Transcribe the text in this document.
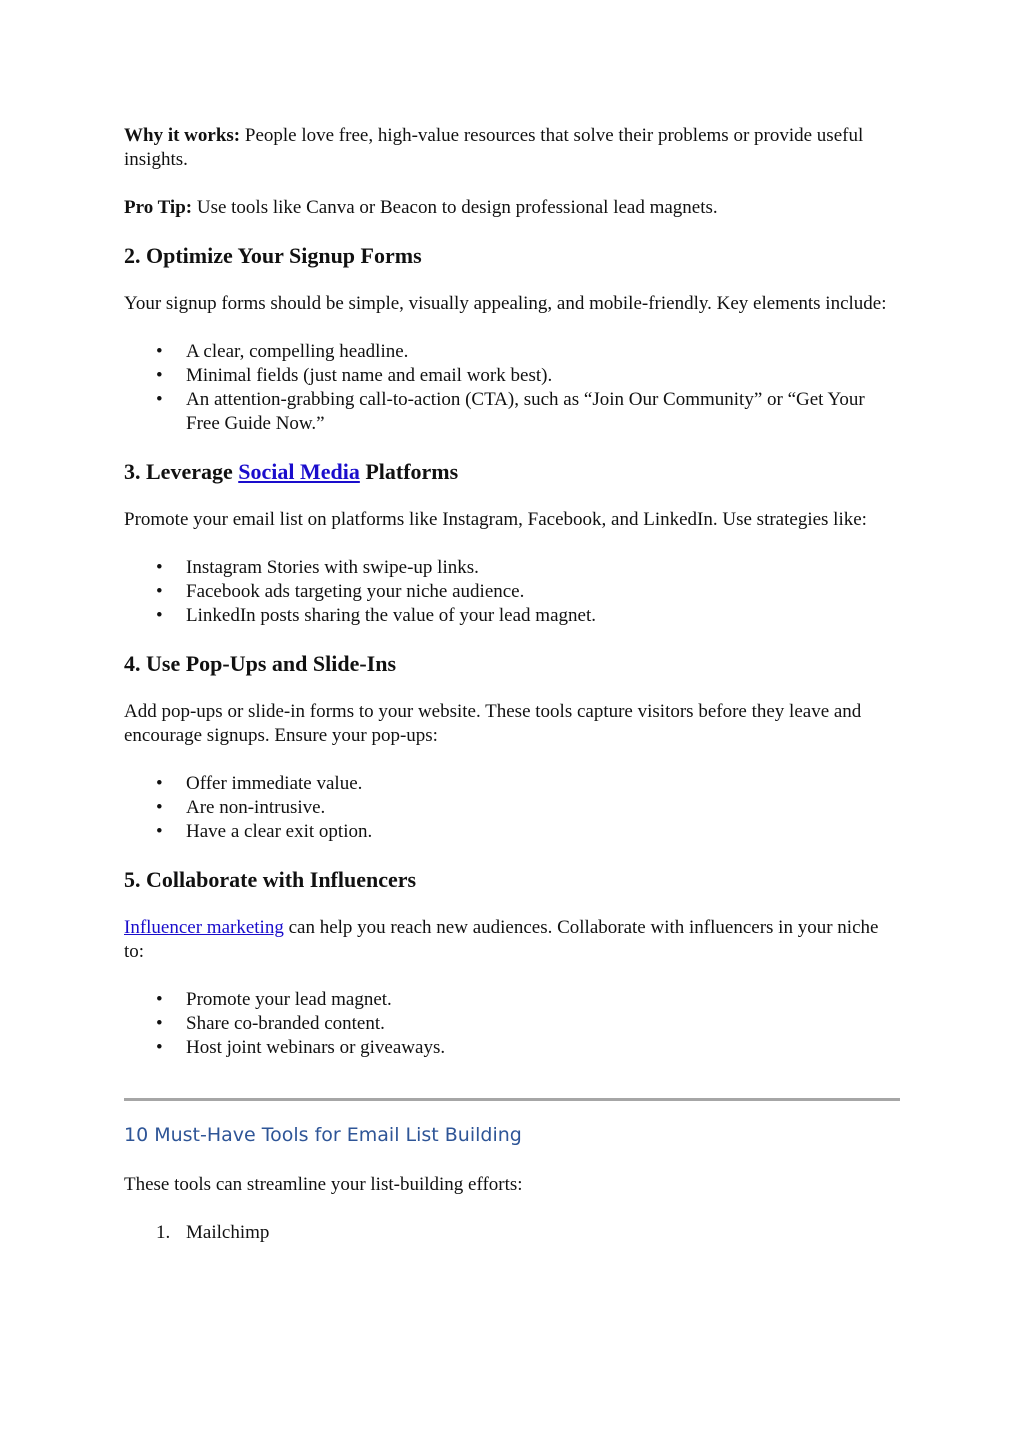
Why it works: People love free, high-value resources that solve their problems or provide useful insights.

Pro Tip: Use tools like Canva or Beacon to design professional lead magnets.

2. Optimize Your Signup Forms

Your signup forms should be simple, visually appealing, and mobile-friendly. Key elements include:

• A clear, compelling headline.
• Minimal fields (just name and email work best).
• An attention-grabbing call-to-action (CTA), such as “Join Our Community” or “Get Your Free Guide Now.”
3. Leverage Social Media Platforms

Promote your email list on platforms like Instagram, Facebook, and LinkedIn. Use strategies like:

• Instagram Stories with swipe-up links.
• Facebook ads targeting your niche audience.
• LinkedIn posts sharing the value of your lead magnet.
4. Use Pop-Ups and Slide-Ins

Add pop-ups or slide-in forms to your website. These tools capture visitors before they leave and encourage signups. Ensure your pop-ups:

• Offer immediate value.
• Are non-intrusive.
• Have a clear exit option.
5. Collaborate with Influencers

Influencer marketing can help you reach new audiences. Collaborate with influencers in your niche to:

• Promote your lead magnet.
• Share co-branded content.
• Host joint webinars or giveaways.
10 Must-Have Tools for Email List Building

These tools can streamline your list-building efforts:

1. Mailchimp
